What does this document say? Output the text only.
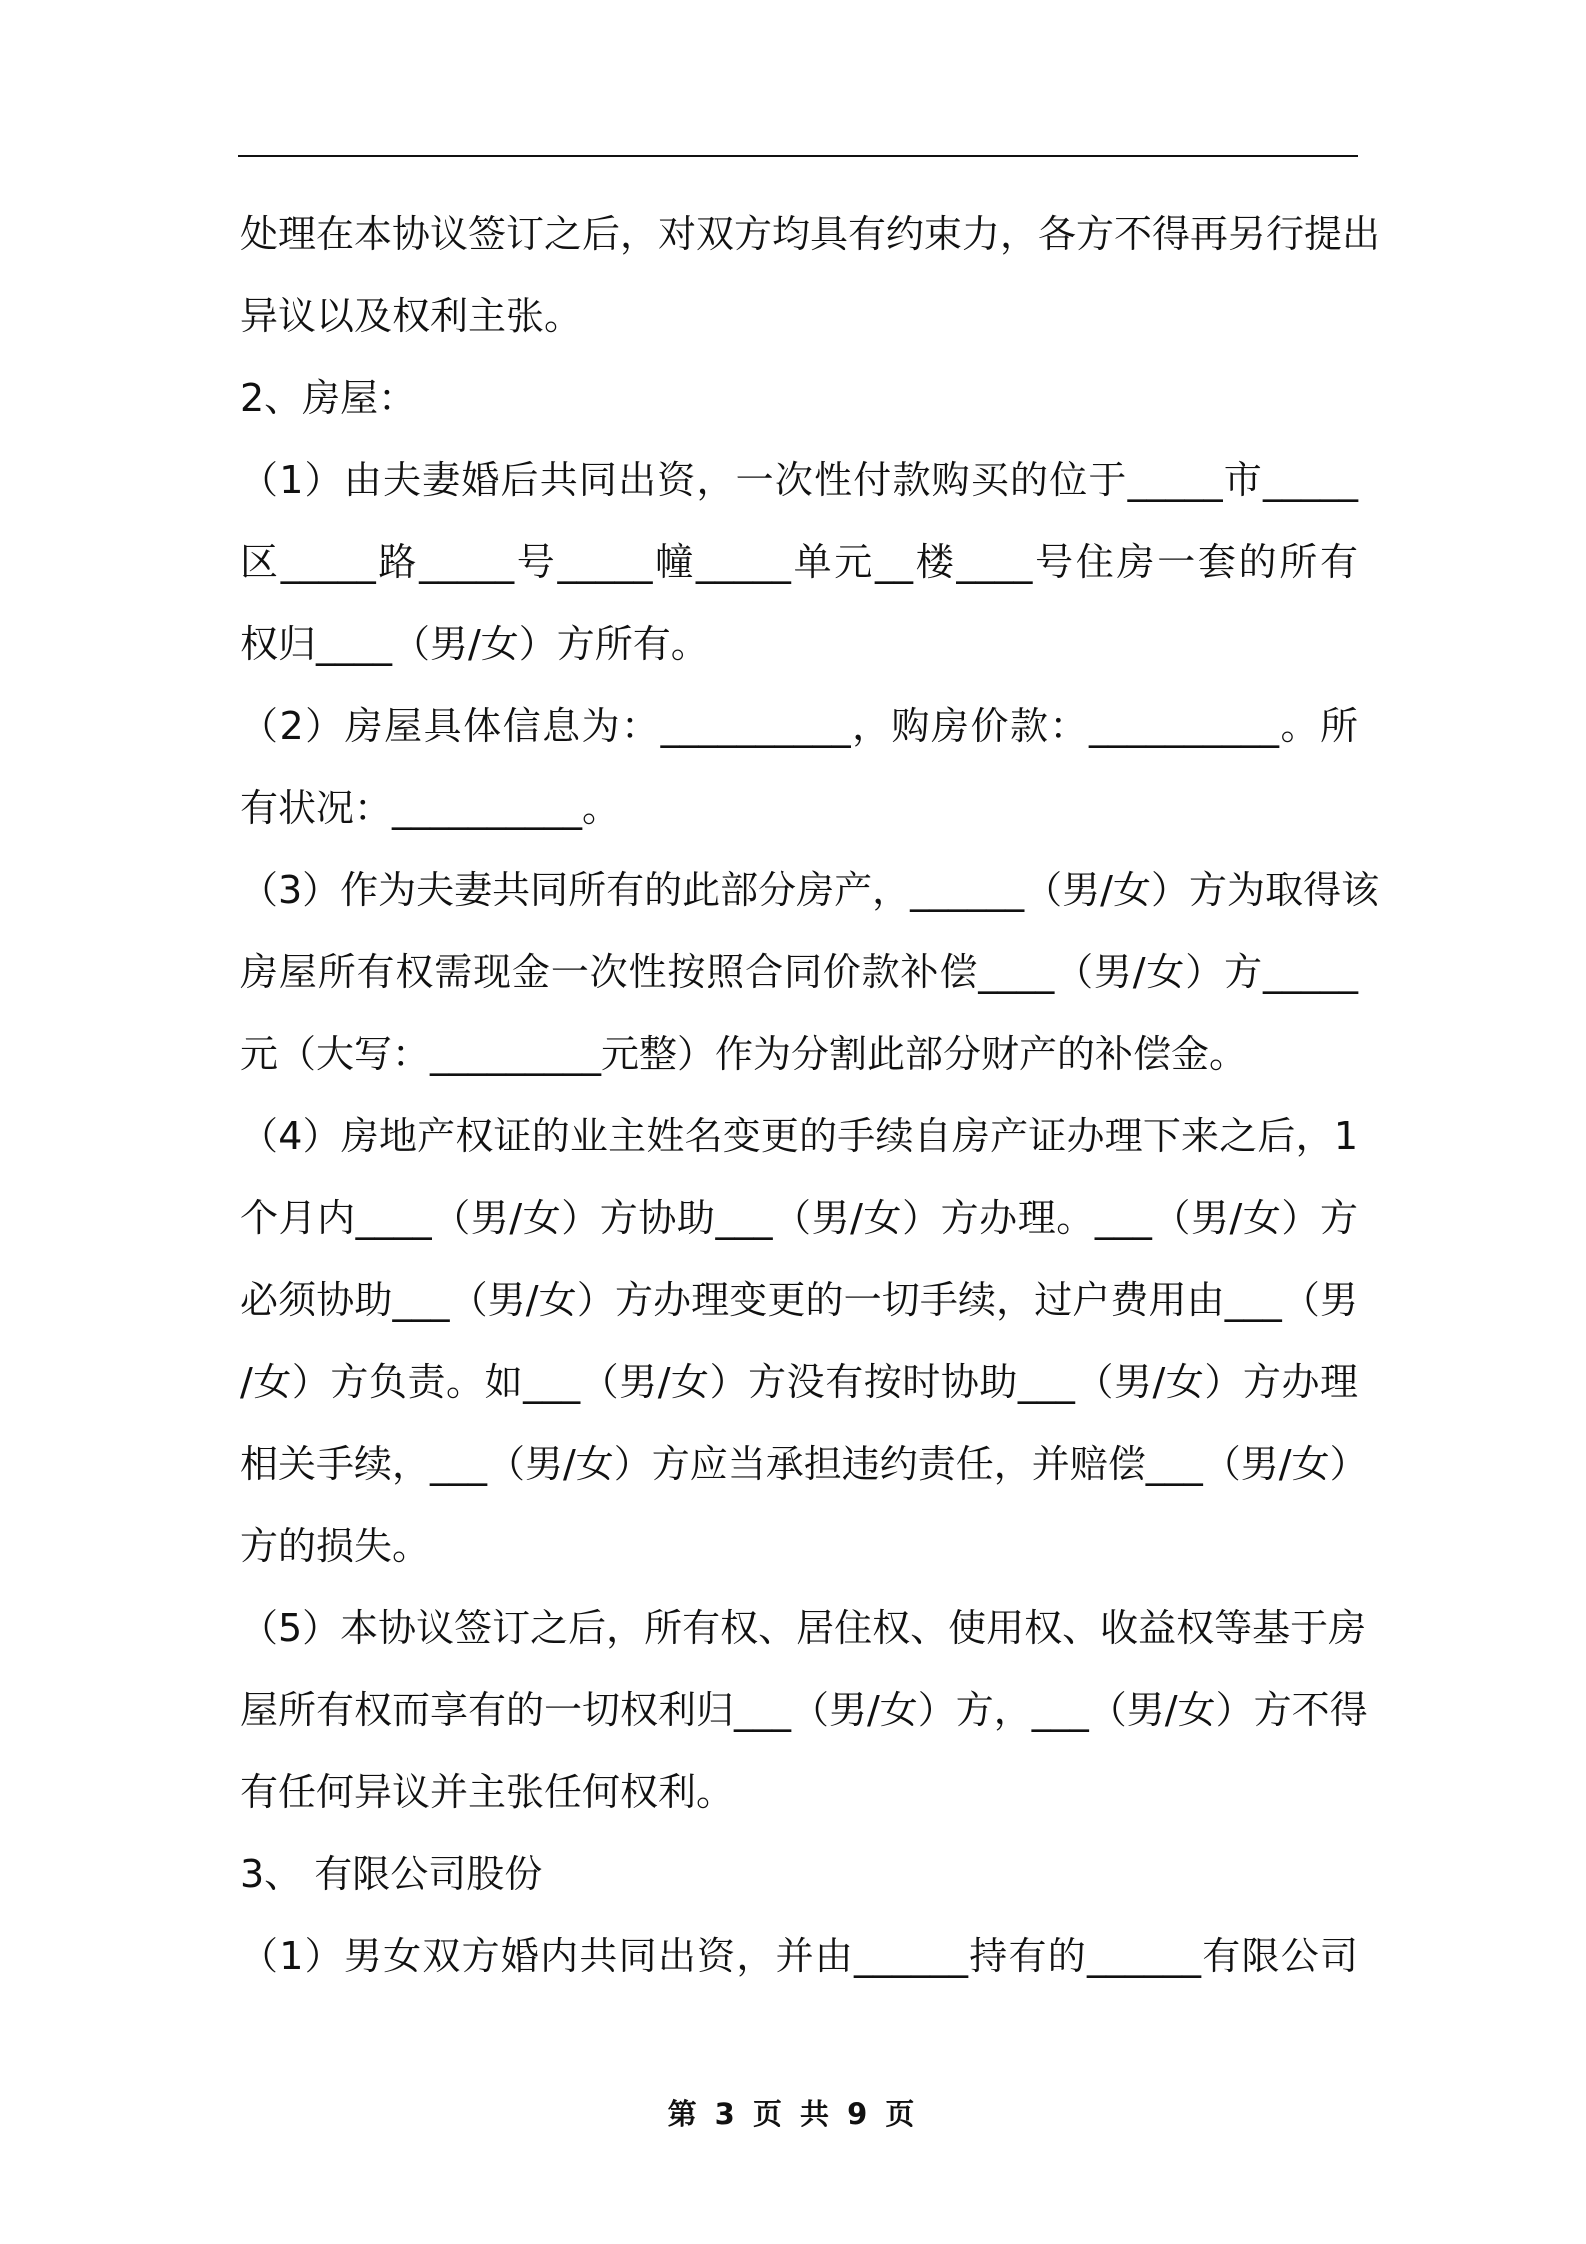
处理在本协议签订之后，对双方均具有约束力，各方不得再另行提出
异议以及权利主张。
2、房屋：
（1）由夫妻婚后共同出资，一次性付款购买的位于_____市_____
区_____路_____号_____幢_____单元__楼____号住房一套的所有
权归____（男/女）方所有。
（2）房屋具体信息为：__________，购房价款：__________。所
有状况：__________。
（3）作为夫妻共同所有的此部分房产，______（男/女）方为取得该
房屋所有权需现金一次性按照合同价款补偿____（男/女）方_____
元（大写：_________元整）作为分割此部分财产的补偿金。
（4）房地产权证的业主姓名变更的手续自房产证办理下来之后，1
个月内____（男/女）方协助___（男/女）方办理。___（男/女）方
必须协助___（男/女）方办理变更的一切手续，过户费用由___（男
/女）方负责。如___（男/女）方没有按时协助___（男/女）方办理
相关手续，___（男/女）方应当承担违约责任，并赔偿___（男/女）
方的损失。
（5）本协议签订之后，所有权、居住权、使用权、收益权等基于房
屋所有权而享有的一切权利归___（男/女）方，___（男/女）方不得
有任何异议并主张任何权利。
3、 有限公司股份
（1）男女双方婚内共同出资，并由______持有的______有限公司
第 3 页 共 9 页
